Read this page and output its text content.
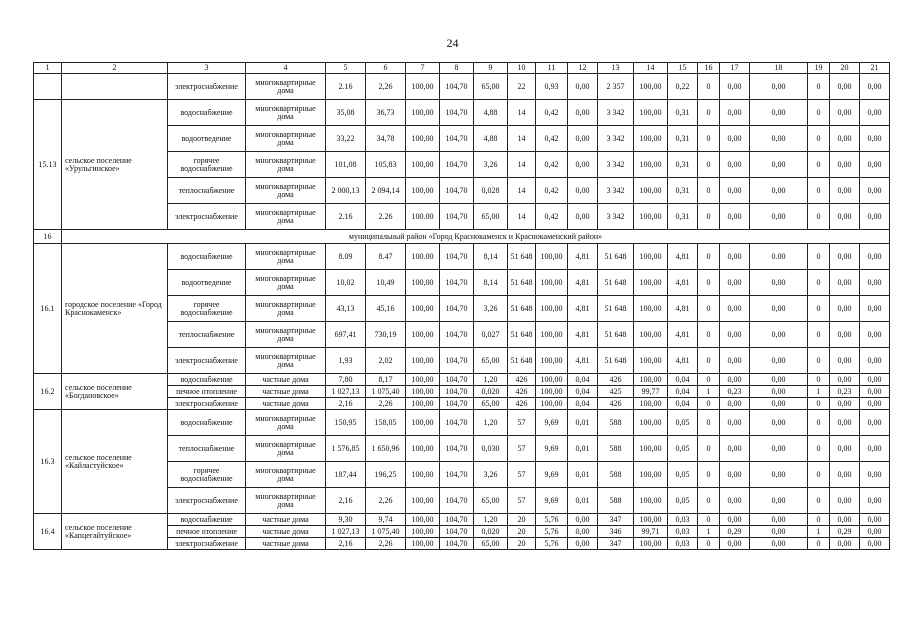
24
1	2	3	4	5	6	7	8	9	10	11	12	13	14	15	16	17	18	19	20	21
		электроснабжение	многоквартирные дома	2.16	2,26	100,00	104,70	65,00	22	0,93	0,00	2 357	100,00	0,22	0	0,00	0,00	0	0,00	0,00
15.13	сельское поселение «Урульгинское»	водоснабжение	многоквартирные дома	35,08	36,73	100,00	104,70	4,88	14	0,42	0,00	3 342	100,00	0,31	0	0,00	0,00	0	0,00	0,00
		водоотведение	многоквартирные дома	33,22	34,78	100,00	104,70	4,88	14	0,42	0,00	3 342	100,00	0,31	0	0,00	0,00	0	0,00	0,00
		горячее водоснабжение	многоквартирные дома	101,08	105,83	100,00	104,70	3,26	14	0,42	0,00	3 342	100,00	0,31	0	0,00	0,00	0	0,00	0,00
		теплоснабжение	многоквартирные дома	2 000,13	2 094,14	100,00	104,70	0,028	14	0,42	0,00	3 342	100,00	0,31	0	0,00	0,00	0	0,00	0,00
		электроснабжение	многоквартирные дома	2.16	2.26	100.00	104,70	65,00	14	0,42	0,00	3 342	100,00	0,31	0	0,00	0,00	0	0,00	0,00
16	муниципальный район «Город Краснокаменск и Краснокаменский район»																			
16.1	городское поселение «Город Краснокаменск»	водоснабжение	многоквартирные дома	8.09	8.47	100.00	104,70	8,14	51 648	100,00	4,81	51 648	100,00	4,81	0	0,00	0.00	0	0,00	0,00
		водоотведение	многоквартирные дома	10,02	10,49	100,00	104,70	8,14	51 648	100,00	4,81	51 648	100,00	4,81	0	0,00	0,00	0	0,00	0,00
		горячее водоснабжение	многоквартирные дома	43,13	45,16	100,00	104,70	3,26	51 648	100,00	4,81	51 648	100,00	4,81	0	0,00	0,00	0	0,00	0,00
		теплоснабжение	многоквартирные дома	697,41	730,19	100,00	104,70	0,027	51 648	100,00	4,81	51 648	100,00	4,81	0	0,00	0,00	0	0,00	0,00
		электроснабжение	многоквартирные дома	1,93	2,02	100,00	104,70	65,00	51 648	100,00	4,81	51 648	100,00	4,81	0	0,00	0,00	0	0,00	0,00
16.2	сельское поселение «Богдановское»	водоснабжение	частные дома	7,80	8,17	100,00	104,70	1,20	426	100,00	0,04	426	100,00	0,04	0	0,00	0,00	0	0,00	0,00
		печное отопление	частные дома	1 027,13	1 075,40	100,00	104,70	0,020	426	100,00	0,04	425	99,77	0,04	1	0,23	0,00	1	0,23	0,00
		электроснабжение	частные дома	2,16	2,26	100,00	104,70	65,00	426	100,00	0,04	426	100,00	0,04	0	0,00	0,00	0	0,00	0,00
16.3	сельское поселение «Кайластуйское»	водоснабжение	многоквартирные дома	150,95	158,05	100,00	104,70	1,20	57	9,69	0,01	588	100,00	0,05	0	0,00	0,00	0	0,00	0,00
		теплоснабжение	многоквартирные дома	1 576,85	1 650,96	100,00	104,70	0,030	57	9,69	0,01	588	100,00	0,05	0	0,00	0,00	0	0,00	0,00
		горячее водоснабжение	многоквартирные дома	187,44	196,25	100,00	104,70	3,26	57	9,69	0,01	588	100,00	0,05	0	0,00	0,00	0	0,00	0,00
		электроснабжение	многоквартирные дома	2,16	2,26	100,00	104,70	65,00	57	9,69	0,01	588	100,00	0,05	0	0,00	0,00	0	0,00	0,00
16.4	сельское поселение «Капцегайтуйское»	водоснабжение	частные дома	9,30	9,74	100,00	104,70	1,20	20	5,76	0,00	347	100,00	0,03	0	0,00	0,00	0	0,00	0,00
		печное отопление	частные дома	1 027,13	1 075,40	100,00	104,70	0,020	20	5,76	0,00	346	99,71	0,03	1	0,29	0,00	1	0,29	0,00
		электроснабжение	частные дома	2,16	2,26	100,00	104,70	65,00	20	5,76	0,00	347	100,00	0,03	0	0,00	0,00	0	0,00	0,00
